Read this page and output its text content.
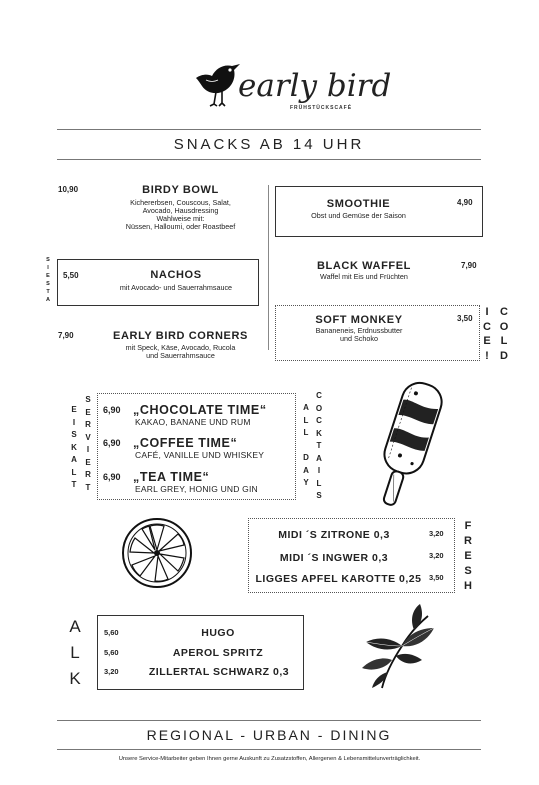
early bird
FRÜHSTÜCKSCAFÉ
SNACKS AB 14 UHR
10,90	BIRDY BOWL
Kichererbsen, Couscous, Salat,
Avocado, Hausdressing
Wahlweise mit:
Nüssen, Halloumi, oder Roastbeef
S
I
E
S
T
A
5,50	NACHOS
mit Avocado- und Sauerrahmsauce
7,90	EARLY BIRD CORNERS
mit Speck, Käse, Avocado, Rucola
und Sauerrahmsauce
SMOOTHIE
Obst und Gemüse der Saison
4,90
BLACK WAFFEL
Waffel mit Eis und Früchten
7,90
SOFT MONKEY
Bananeneis, Erdnussbutter
und Schoko
3,50
I
C
E
!
C
O
L
D
E
I
S
K
A
L
T
S
E
R
V
I
E
R
T
6,90 „CHOCOLATE TIME“
KAKAO, BANANE UND RUM
6,90 „COFFEE TIME“
CAFÉ, VANILLE UND WHISKEY
6,90 „TEA TIME“
EARL GREY, HONIG UND GIN
A
L
L

D
A
Y
C
O
C
K
T
A
I
L
S
MIDI ´S ZITRONE 0,3	3,20
MIDI ´S INGWER 0,3	3,20
LIGGES APFEL KAROTTE 0,25	3,50
F
R
E
S
H
A
L
K
5,60	HUGO
5,60	APEROL SPRITZ
3,20	ZILLERTAL SCHWARZ 0,3
REGIONAL - URBAN - DINING
Unsere Service-Mitarbeiter geben Ihnen gerne Auskunft zu Zusatzstoffen, Allergenen & Lebensmittelunverträglichkeit.
